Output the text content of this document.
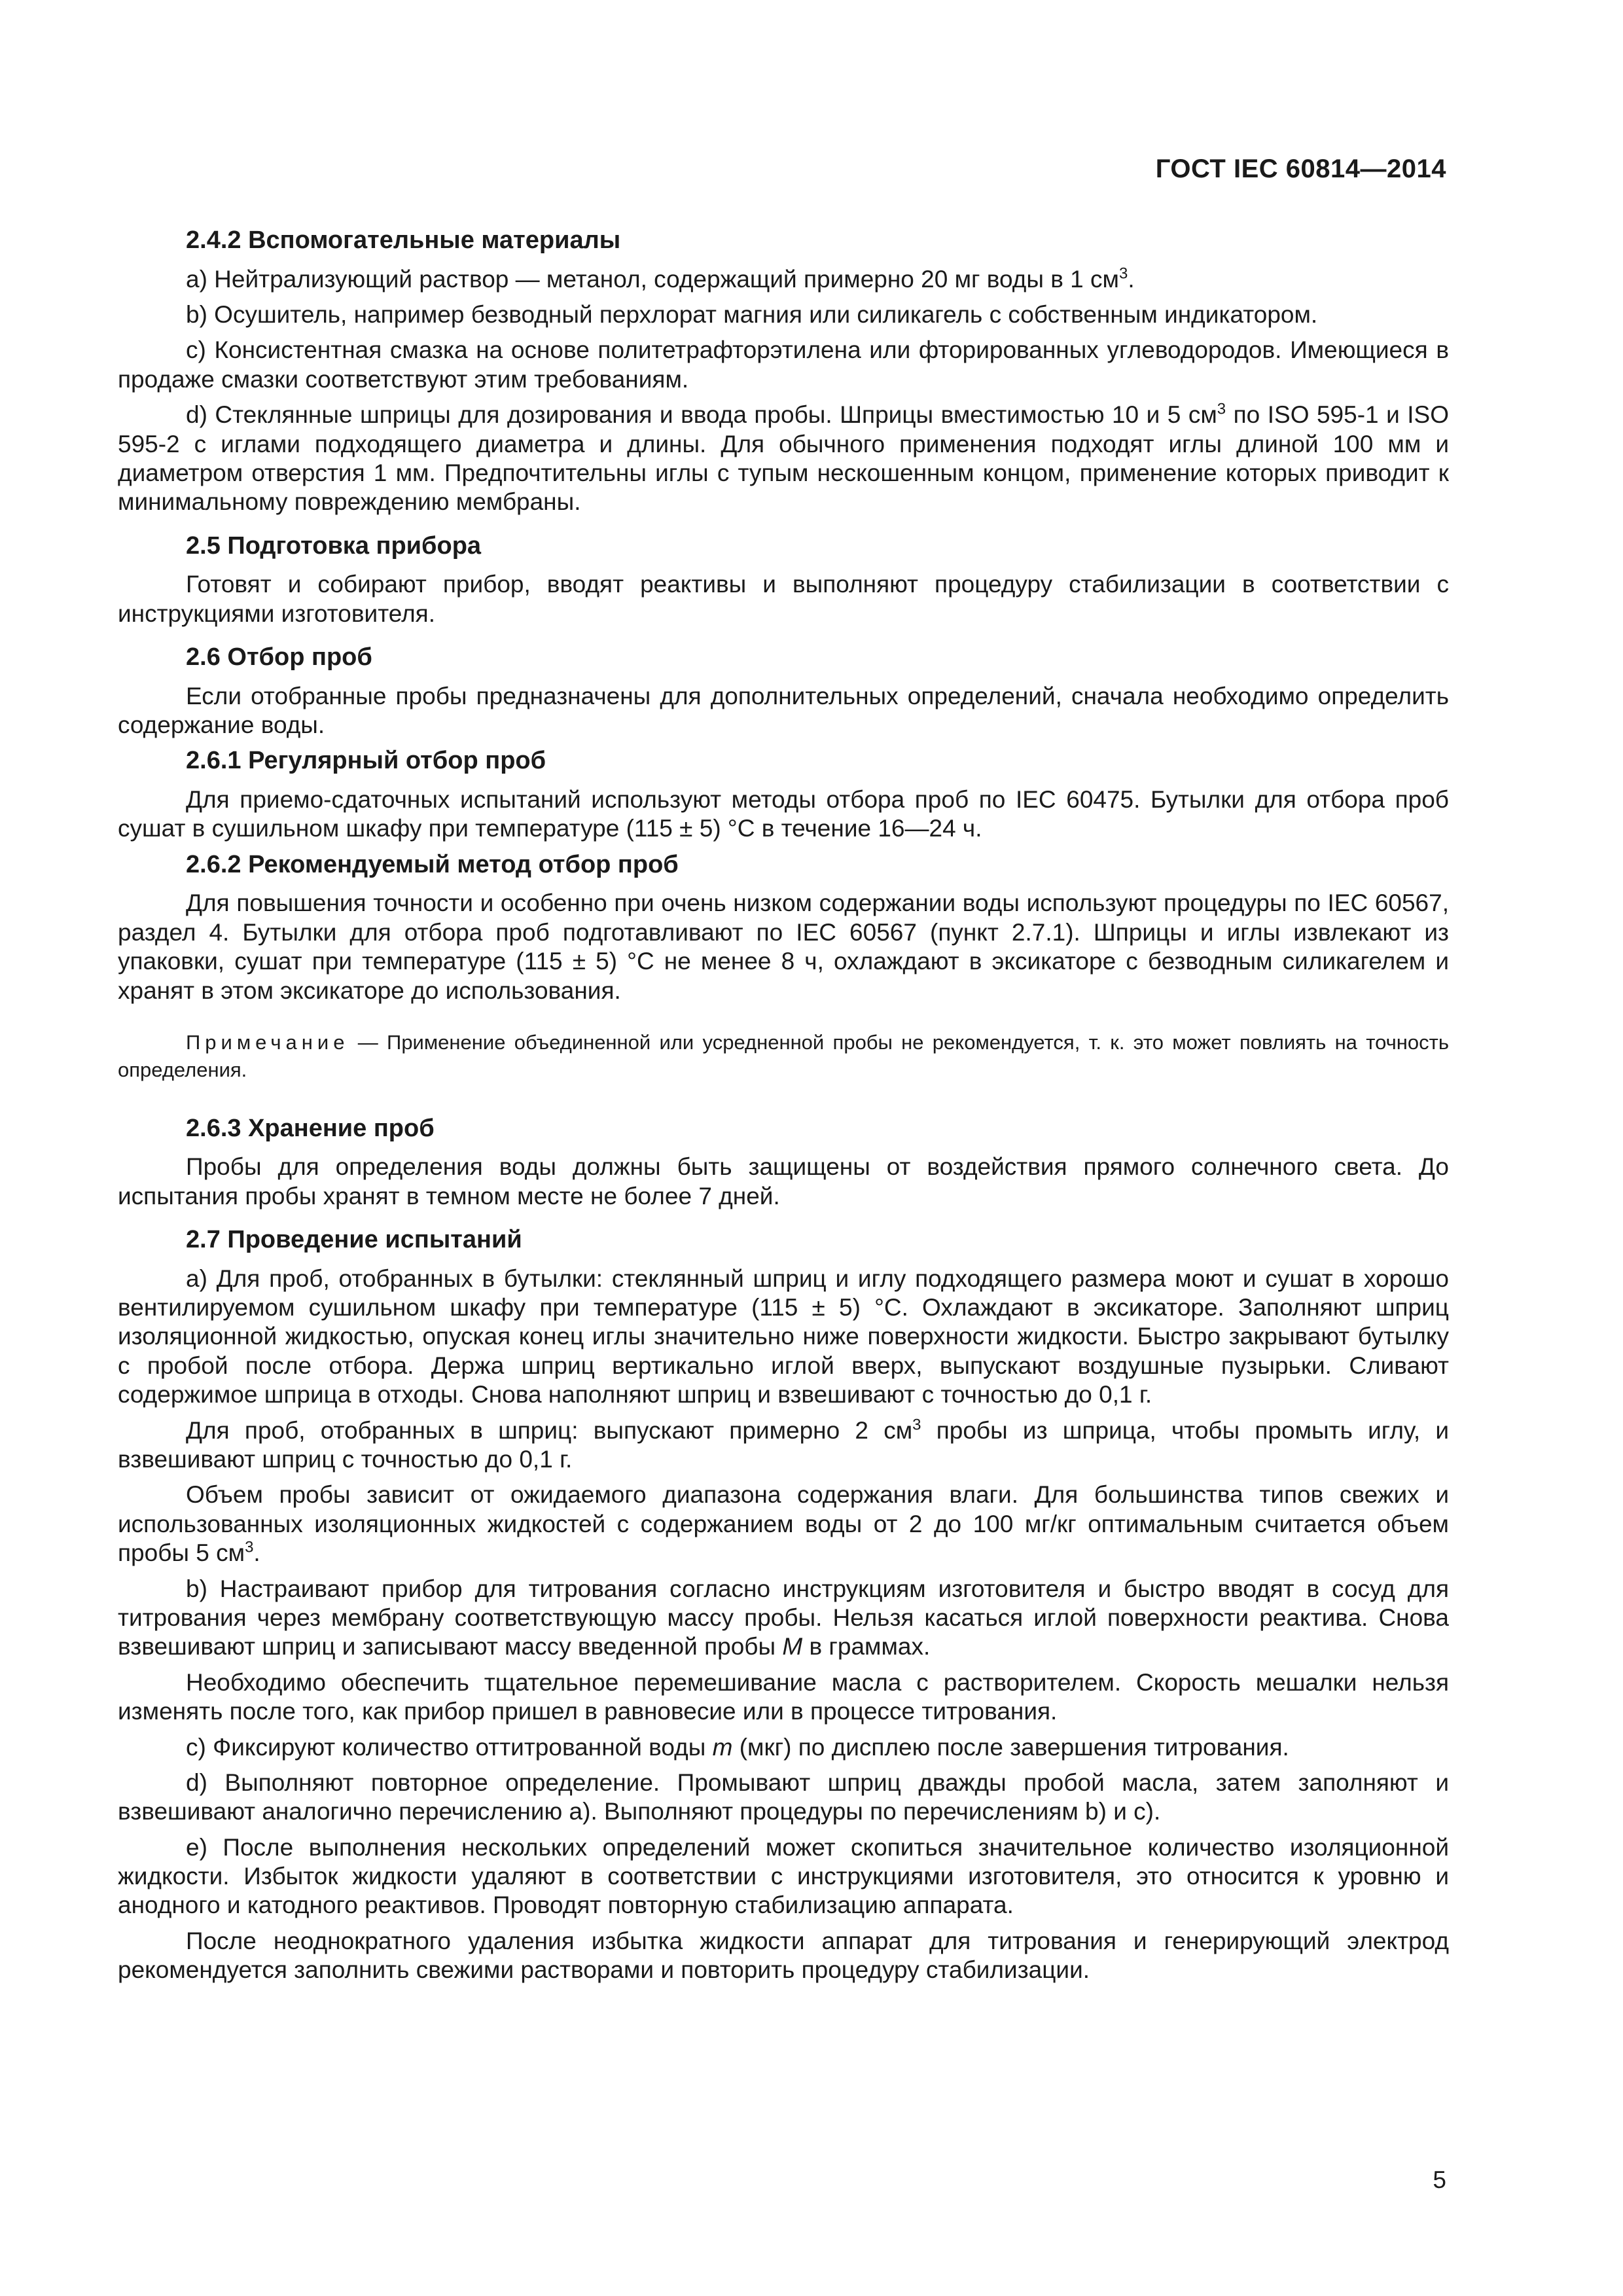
ГОСТ IEC 60814—2014

2.4.2 Вспомогательные материалы

а) Нейтрализующий раствор — метанол, содержащий примерно 20 мг воды в 1 $см^3$.

b) Осушитель, например безводный перхлорат магния или силикагель с собственным индикатором.

с) Консистентная смазка на основе политетрафторэтилена или фторированных углеводородов. Имеющиеся в продаже смазки соответствуют этим требованиям.

d) Стеклянные шприцы для дозирования и ввода пробы. Шприцы вместимостью 10 и 5 $см^3$ по ISO 595-1 и ISO 595-2 с иглами подходящего диаметра и длины. Для обычного применения подходят иглы длиной 100 мм и диаметром отверстия 1 мм. Предпочтительны иглы с тупым нескошенным концом, применение которых приводит к минимальному повреждению мембраны.

2.5 Подготовка прибора

Готовят и собирают прибор, вводят реактивы и выполняют процедуру стабилизации в соответствии с инструкциями изготовителя.

2.6 Отбор проб

Если отобранные пробы предназначены для дополнительных определений, сначала необходимо определить содержание воды.

2.6.1 Регулярный отбор проб

Для приемо-сдаточных испытаний используют методы отбора проб по IEC 60475. Бутылки для отбора проб сушат в сушильном шкафу при температуре (115 ± 5) °С в течение 16—24 ч.

2.6.2 Рекомендуемый метод отбор проб

Для повышения точности и особенно при очень низком содержании воды используют процедуры по IEC 60567, раздел 4. Бутылки для отбора проб подготавливают по IEC 60567 (пункт 2.7.1). Шприцы и иглы извлекают из упаковки, сушат при температуре (115 ± 5) °С не менее 8 ч, охлаждают в эксикаторе с безводным силикагелем и хранят в этом эксикаторе до использования.

Примечание — Применение объединенной или усредненной пробы не рекомендуется, т. к. это может повлиять на точность определения.

2.6.3 Хранение проб

Пробы для определения воды должны быть защищены от воздействия прямого солнечного света. До испытания пробы хранят в темном месте не более 7 дней.

2.7 Проведение испытаний

а) Для проб, отобранных в бутылки: стеклянный шприц и иглу подходящего размера моют и сушат в хорошо вентилируемом сушильном шкафу при температуре (115 ± 5) °С. Охлаждают в эксикаторе. Заполняют шприц изоляционной жидкостью, опуская конец иглы значительно ниже поверхности жидкости. Быстро закрывают бутылку с пробой после отбора. Держа шприц вертикально иглой вверх, выпускают воздушные пузырьки. Сливают содержимое шприца в отходы. Снова наполняют шприц и взвешивают с точностью до 0,1 г.

Для проб, отобранных в шприц: выпускают примерно 2 $см^3$ пробы из шприца, чтобы промыть иглу, и взвешивают шприц с точностью до 0,1 г.

Объем пробы зависит от ожидаемого диапазона содержания влаги. Для большинства типов свежих и использованных изоляционных жидкостей с содержанием воды от 2 до 100 мг/кг оптимальным считается объем пробы 5 $см^3$.

b) Настраивают прибор для титрования согласно инструкциям изготовителя и быстро вводят в сосуд для титрования через мембрану соответствующую массу пробы. Нельзя касаться иглой поверхности реактива. Снова взвешивают шприц и записывают массу введенной пробы М в граммах.

Необходимо обеспечить тщательное перемешивание масла с растворителем. Скорость мешалки нельзя изменять после того, как прибор пришел в равновесие или в процессе титрования.

с) Фиксируют количество оттитрованной воды m (мкг) по дисплею после завершения титрования.

d) Выполняют повторное определение. Промывают шприц дважды пробой масла, затем заполняют и взвешивают аналогично перечислению а). Выполняют процедуры по перечислениям b) и с).

е) После выполнения нескольких определений может скопиться значительное количество изоляционной жидкости. Избыток жидкости удаляют в соответствии с инструкциями изготовителя, это относится к уровню и анодного и катодного реактивов. Проводят повторную стабилизацию аппарата.

После неоднократного удаления избытка жидкости аппарат для титрования и генерирующий электрод рекомендуется заполнить свежими растворами и повторить процедуру стабилизации.

5
